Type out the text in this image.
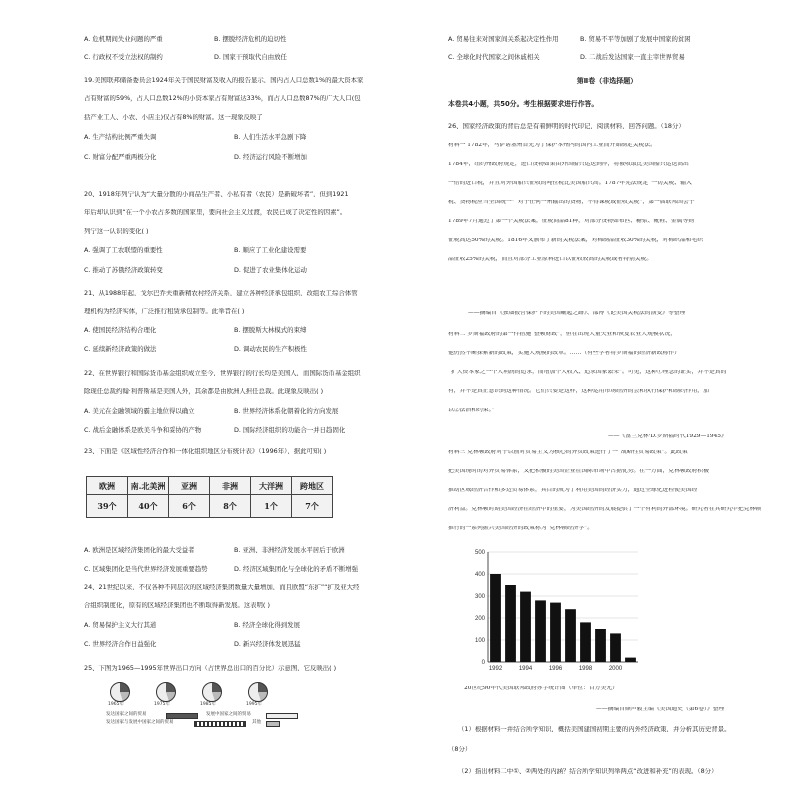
A. 危机期间失业问题的严重	B. 摆脱经济危机的迫切性
C. 行政权不受立法权的制约	D. 国家干预取代自由放任
19.美国联邦储备委员会1924年关于国民财富及收入的报告显示，国内占人口总数1%的最大资本家
占有财富的59%，占人口总数12%的小资本家占有财富达33%，而占人口总数87%的广大人口(包
括产业工人、小农、小店主)仅占有8%的财富。这一现象反映了
A. 生产结构比例严重失调	B. 人们生活水平急剧下降
C. 财富分配严重两极分化	D. 经济运行风险不断增加
20、1918年列宁认为“大量分散的小商品生产者、小私有者（农民）是新破坏者”，但到1921
年后却认识到“在一个小农占多数的国家里，要向社会主义过渡，农民已成了决定性的因素”。
列宁这一认识的变化( )
A. 强调了工农联盟的重要性	B. 顺应了工业化建设需要
C. 推动了苏俄经济政策转变	D. 促进了农业集体化运动
21、从1988年起，戈尔巴乔夫重新精农村经济关系，建立各种经济承包组织，改组农工综合体管
理机构为经济实体，广泛推行租赁承包制等。此举旨在( )
A. 使国民经济结构合理化	B. 摆脱斯大林模式的束缚
C. 延续新经济政策的做法	D. 调动农民的生产积极性
22、在世界银行和国际货币基金组织成立至今，世界银行的行长均是美国人，而国际货币基金组织
除现任总裁约翰·利普斯基是美国人外，其余都是由欧洲人担任总裁。此现象反映出( )
A. 美元在金融领域的霸主地位得以确立	B. 世界经济体系化朝着化的方向发展
C. 战后金融体系是欧美斗争和妥协的产物	D. 国际经济组织的功能合一并日趋固化
23、下面是《区域性经济合作和一体化组织地区分布统计表》（1996年），据此可知( )
欧洲	南.北美洲	亚洲	非洲	大洋洲	跨地区
39个	40个	6个	8个	1个	7个
A. 欧洲是区域经济集团化的最大受益者	B. 亚洲、非洲经济发展水平居后于欧洲
C. 区域集团化是当代世界经济发展重要趋势	D. 经济区域集团化与全球化的矛盾不断增强
24、21世纪以来，不仅各种不同层次的区域经济集团数量大量增加，而且欧盟“东扩”“扩及亚大经
合组织制度化，原有的区域经济集团也不断取得新发展。这表明( )
A. 贸易保护主义大行其道	B. 经济全球化得到发展
C. 世界经济合作日益强化	D. 新兴经济体发展迅猛
25、下图为1965—1995年世界出口方向（占世界总出口的百分比）示意图，它反映出( )
1965年	1975年	1985年	1995年
发达国家之间的贸易	发展中国家之间的贸易
发达国家与发展中国家之间的贸易	其他
A. 贸易往来对国家间关系起决定性作用	B. 贸易不平等加剧了发展中国家的贫困
C. 全球化时代国家之间休戚相关	D. 二战后发达国家一直主宰世界贸易
第Ⅱ卷（非选择题）
本卷共4小题，共50分。考生根据要求进行作答。
26、国家经济政策的背后总是有着鲜明的时代印记，阅读材料，回答问题。（18分）
材料一 1782年，马萨诸塞州首先为了保护本州内的国内工业而开始制定关税法。
1784年，纽约州政府规定，进口货物如果由外国船只运送到岸，将被收取比美国船只运送高出
一倍的进口税，并且对外国船只征收的吨位税比美国船只高。1787年宪法规定“一切关税、输入
税、货物税应当全国统一”“对于任何一州输出的货物，不得课税或征收关税”，第一届联邦国会于
1789年7月通过了第一个关税法案，征税商品81种，对部分货物如布匹、糖浆、靴鞋、金属等则
征税高达50%的关税。1816年又颁布了新的关税法案，对棉制品征收30%的关税，对棉织品和毛织
品征收25%的关税，而且对部分工业原料进口以征收较高的关税或者特别关税。
——摘编自《独墙报营保护下的美国崛起之路》、邵博《论美国关税法的演变》等整理
材料二 罗斯福政府的第一件措施“整顿财政”，但在出现大量失业和恢复农业大规模状况，
他仍然不断探索新的政策，实施大规模的改革。……（有些学者将罗斯福的经济新政称作）
“扩大资本家之一个人利润的追求，而增加个人收入、追求国家繁荣”。可见，这种①理念的证实，并不是真的
有，并不是真正意识到这种情况。它们只要是这样，这种运用市场经济的会和执行保护和制约作用，加
以②法治和约束。”
——《富兰克林·D.罗斯福时代1929—1945》
材料三 克林顿政府对于以前对贸易主义为核心的外贸政策进行了一“战略性贸易政策”。此政策
把美国现时的对外贸易体系，又把积极的美国企业在国际市场中占据优势。在一方面，克林顿政府积极
推动区域经济合作和多边贸易体系，具目的成为了利用美国的经济实力，通过全球化进程使美国经
济利益。克林顿时期美国经济在经济中的重要，为美国经济的发展提供了一个有利的外部环境。研究者在其研究中把克林顿
推行的一系列振兴美国经济的政策称为“克林顿经济学”。
500
400
300
200
100
0
1992	1994	1996	1998	2000
20世纪90年代美国联邦政府赤字统计图（单位：百万美元）
——摘编自颜声毅主编《美国通史（第6卷）》整理
（1）根据材料一并结合所学知识，概括美国建国初期主要的内外经济政策，并分析其历史背景。
（8分）
（2）指出材料二中①、②两处的内涵？结合所学知识列举两点“改进和补充”的表现。（8分）
